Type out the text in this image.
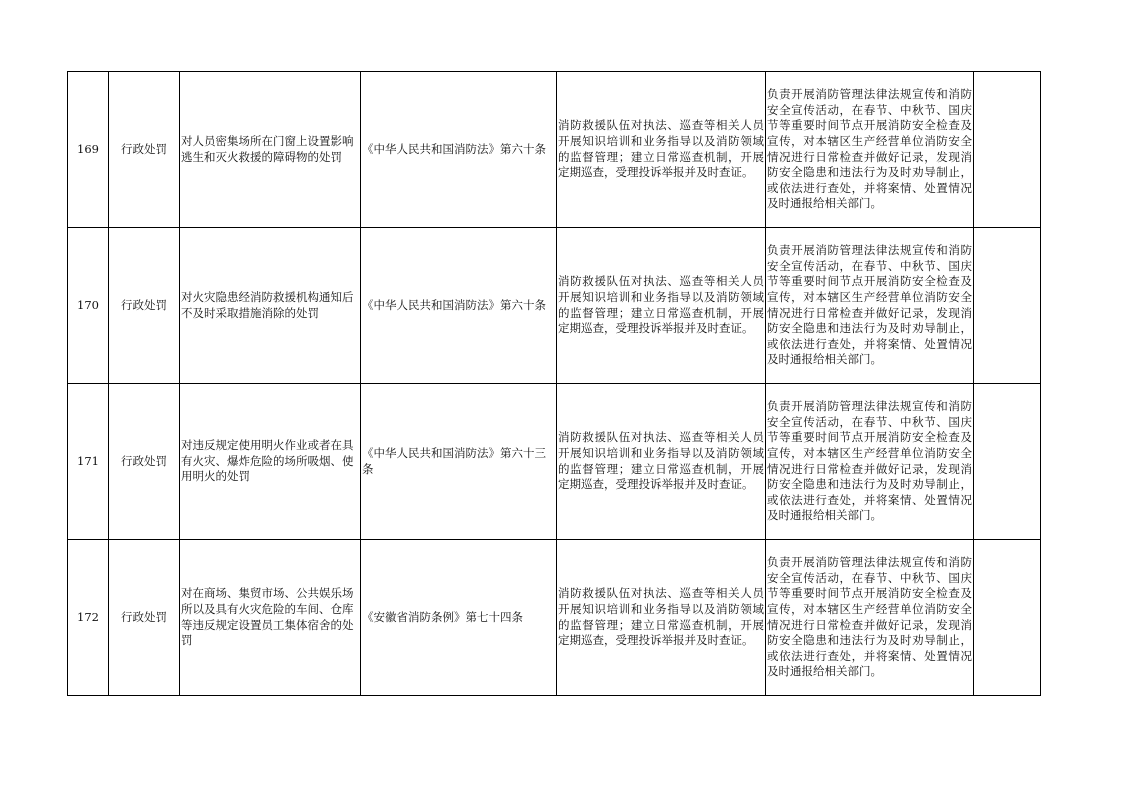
169	行政处罚	对人员密集场所在门窗上设置影响逃生和灭火救援的障碍物的处罚	《中华人民共和国消防法》第六十条	消防救援队伍对执法、巡查等相关人员开展知识培训和业务指导以及消防领域的监督管理；建立日常巡查机制，开展定期巡查，受理投诉举报并及时查证。	负责开展消防管理法律法规宣传和消防安全宣传活动，在春节、中秋节、国庆节等重要时间节点开展消防安全检查及宣传，对本辖区生产经营单位消防安全情况进行日常检查并做好记录，发现消防安全隐患和违法行为及时劝导制止，或依法进行查处，并将案情、处置情况及时通报给相关部门。	
170	行政处罚	对火灾隐患经消防救援机构通知后不及时采取措施消除的处罚	《中华人民共和国消防法》第六十条	消防救援队伍对执法、巡查等相关人员开展知识培训和业务指导以及消防领域的监督管理；建立日常巡查机制，开展定期巡查，受理投诉举报并及时查证。	负责开展消防管理法律法规宣传和消防安全宣传活动，在春节、中秋节、国庆节等重要时间节点开展消防安全检查及宣传，对本辖区生产经营单位消防安全情况进行日常检查并做好记录，发现消防安全隐患和违法行为及时劝导制止，或依法进行查处，并将案情、处置情况及时通报给相关部门。	
171	行政处罚	对违反规定使用明火作业或者在具有火灾、爆炸危险的场所吸烟、使用明火的处罚	《中华人民共和国消防法》第六十三条	消防救援队伍对执法、巡查等相关人员开展知识培训和业务指导以及消防领域的监督管理；建立日常巡查机制，开展定期巡查，受理投诉举报并及时查证。	负责开展消防管理法律法规宣传和消防安全宣传活动，在春节、中秋节、国庆节等重要时间节点开展消防安全检查及宣传，对本辖区生产经营单位消防安全情况进行日常检查并做好记录，发现消防安全隐患和违法行为及时劝导制止，或依法进行查处，并将案情、处置情况及时通报给相关部门。	
172	行政处罚	对在商场、集贸市场、公共娱乐场所以及具有火灾危险的车间、仓库等违反规定设置员工集体宿舍的处罚	《安徽省消防条例》第七十四条	消防救援队伍对执法、巡查等相关人员开展知识培训和业务指导以及消防领域的监督管理；建立日常巡查机制，开展定期巡查，受理投诉举报并及时查证。	负责开展消防管理法律法规宣传和消防安全宣传活动，在春节、中秋节、国庆节等重要时间节点开展消防安全检查及宣传，对本辖区生产经营单位消防安全情况进行日常检查并做好记录，发现消防安全隐患和违法行为及时劝导制止，或依法进行查处，并将案情、处置情况及时通报给相关部门。	
